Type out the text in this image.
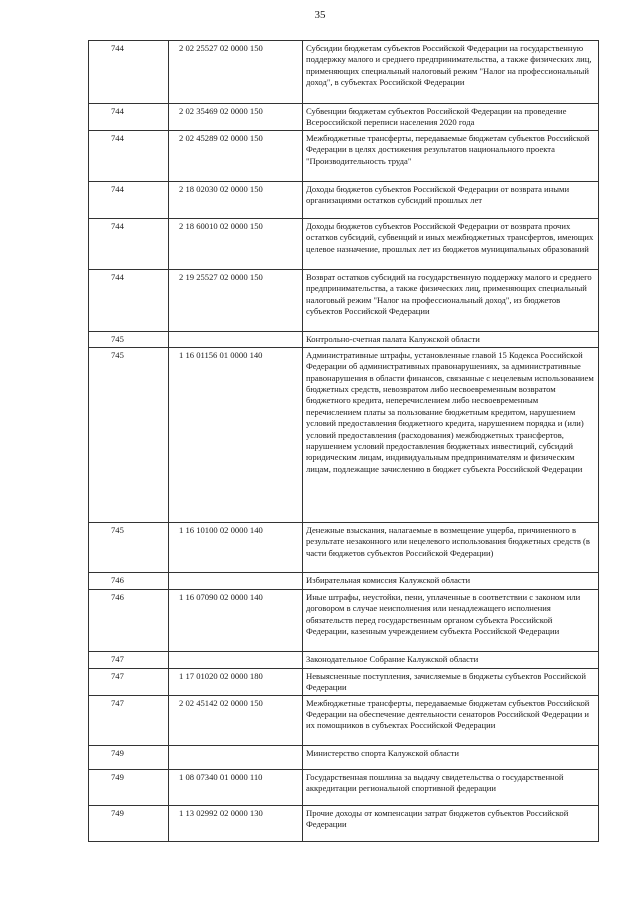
35
744	2 02 25527 02 0000 150	Субсидии бюджетам субъектов Российской Федерации на государственную поддержку малого и среднего предпринимательства, а также физических лиц, применяющих специальный налоговый режим "Налог на профессиональный доход", в субъектах Российской Федерации
744	2 02 35469 02 0000 150	Субвенции бюджетам субъектов Российской Федерации на проведение Всероссийской переписи населения 2020 года
744	2 02 45289 02 0000 150	Межбюджетные трансферты, передаваемые бюджетам субъектов Российской Федерации в целях достижения результатов национального проекта "Производительность труда"
744	2 18 02030 02 0000 150	Доходы бюджетов субъектов Российской Федерации от возврата иными организациями остатков субсидий прошлых лет
744	2 18 60010 02 0000 150	Доходы бюджетов субъектов Российской Федерации от возврата прочих остатков субсидий, субвенций и иных межбюджетных трансфертов, имеющих целевое назначение, прошлых лет из бюджетов муниципальных образований
744	2 19 25527 02 0000 150	Возврат остатков субсидий на государственную поддержку малого и среднего предпринимательства, а также физических лиц, применяющих специальный налоговый режим "Налог на профессиональный доход", из бюджетов субъектов Российской Федерации
745		Контрольно-счетная палата Калужской области
745	1 16 01156 01 0000 140	Административные штрафы, установленные главой 15 Кодекса Российской Федерации об административных правонарушениях, за административные правонарушения в области финансов, связанные с нецелевым использованием бюджетных средств, невозвратом либо несвоевременным возвратом бюджетного кредита, неперечислением либо несвоевременным перечислением платы за пользование бюджетным кредитом, нарушением условий предоставления бюджетного кредита, нарушением порядка и (или) условий предоставления (расходования) межбюджетных трансфертов, нарушением условий предоставления бюджетных инвестиций, субсидий юридическим лицам, индивидуальным предпринимателям и физическим лицам, подлежащие зачислению в бюджет субъекта Российской Федерации
745	1 16 10100 02 0000 140	Денежные взыскания, налагаемые в возмещение ущерба, причиненного в результате незаконного или нецелевого использования бюджетных средств (в части бюджетов субъектов Российской Федерации)
746		Избирательная комиссия Калужской области
746	1 16 07090 02 0000 140	Иные штрафы, неустойки, пени, уплаченные в соответствии с законом или договором в случае неисполнения или ненадлежащего исполнения обязательств перед государственным органом субъекта Российской Федерации, казенным учреждением субъекта Российской Федерации
747		Законодательное Собрание Калужской области
747	1 17 01020 02 0000 180	Невыясненные поступления, зачисляемые в бюджеты субъектов Российской Федерации
747	2 02 45142 02 0000 150	Межбюджетные трансферты, передаваемые бюджетам субъектов Российской Федерации на обеспечение деятельности сенаторов Российской Федерации и их помощников в субъектах Российской Федерации
749		Министерство спорта Калужской области
749	1 08 07340 01 0000 110	Государственная пошлина за выдачу свидетельства о государственной аккредитации региональной спортивной федерации
749	1 13 02992 02 0000 130	Прочие доходы от компенсации затрат бюджетов субъектов Российской Федерации
